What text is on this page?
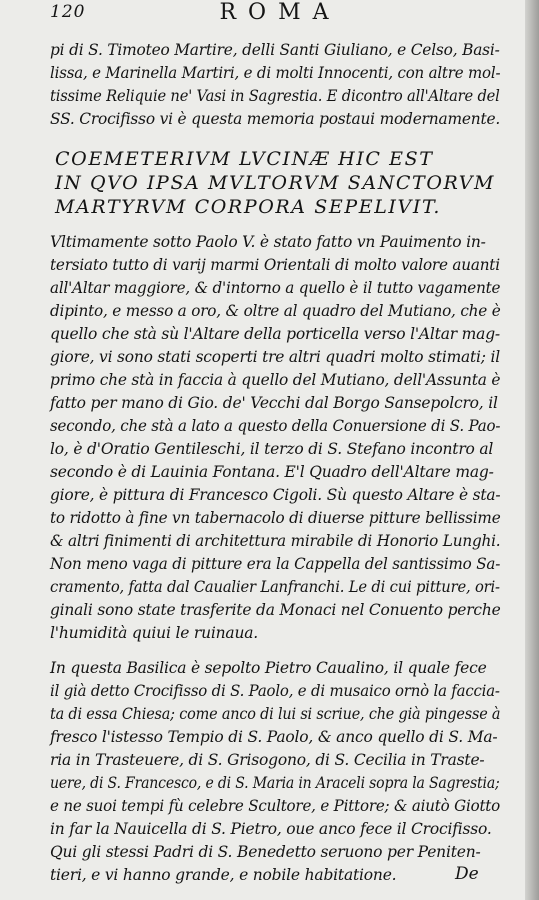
120	ROMA
pi di S. Timoteo Martire, delli Santi Giuliano, e Celso, Basi-
lissa, e Marinella Martiri, e di molti Innocenti, con altre mol-
tissime Reliquie ne' Vasi in Sagrestia. E dicontro all'Altare del
SS. Crocifisso vi è questa memoria postaui modernamente.
COEMETERIVM LVCINÆ HIC EST
IN QVO IPSA MVLTORVM SANCTORVM
MARTYRVM CORPORA SEPELIVIT.
Vltimamente sotto Paolo V. è stato fatto vn Pauimento in-
tersiato tutto di varij marmi Orientali di molto valore auanti
all'Altar maggiore, & d'intorno a quello è il tutto vagamente
dipinto, e messo a oro, & oltre al quadro del Mutiano, che è
quello che stà sù l'Altare della porticella verso l'Altar mag-
giore, vi sono stati scoperti tre altri quadri molto stimati; il
primo che stà in faccia à quello del Mutiano, dell'Assunta è
fatto per mano di Gio. de' Vecchi dal Borgo Sansepolcro, il
secondo, che stà a lato a questo della Conuersione di S. Pao-
lo, è d'Oratio Gentileschi, il terzo di S. Stefano incontro al
secondo è di Lauinia Fontana. E'l Quadro dell'Altare mag-
giore, è pittura di Francesco Cigoli. Sù questo Altare è sta-
to ridotto à fine vn tabernacolo di diuerse pitture bellissime
& altri finimenti di architettura mirabile di Honorio Lunghi.
Non meno vaga di pitture era la Cappella del santissimo Sa-
cramento, fatta dal Caualier Lanfranchi. Le di cui pitture, ori-
ginali sono state trasferite da Monaci nel Conuento perche
l'humidità quiui le ruinaua.
In questa Basilica è sepolto Pietro Caualino, il quale fece
il già detto Crocifisso di S. Paolo, e di musaico ornò la faccia-
ta di essa Chiesa; come anco di lui si scriue, che già pingesse à
fresco l'istesso Tempio di S. Paolo, & anco quello di S. Ma-
ria in Trasteuere, di S. Grisogono, di S. Cecilia in Traste-
uere, di S. Francesco, e di S. Maria in Araceli sopra la Sagrestia;
e ne suoi tempi fù celebre Scultore, e Pittore; & aiutò Giotto
in far la Nauicella di S. Pietro, oue anco fece il Crocifisso.
Qui gli stessi Padri di S. Benedetto seruono per Peniten-
tieri, e vi hanno grande, e nobile habitatione.	De
